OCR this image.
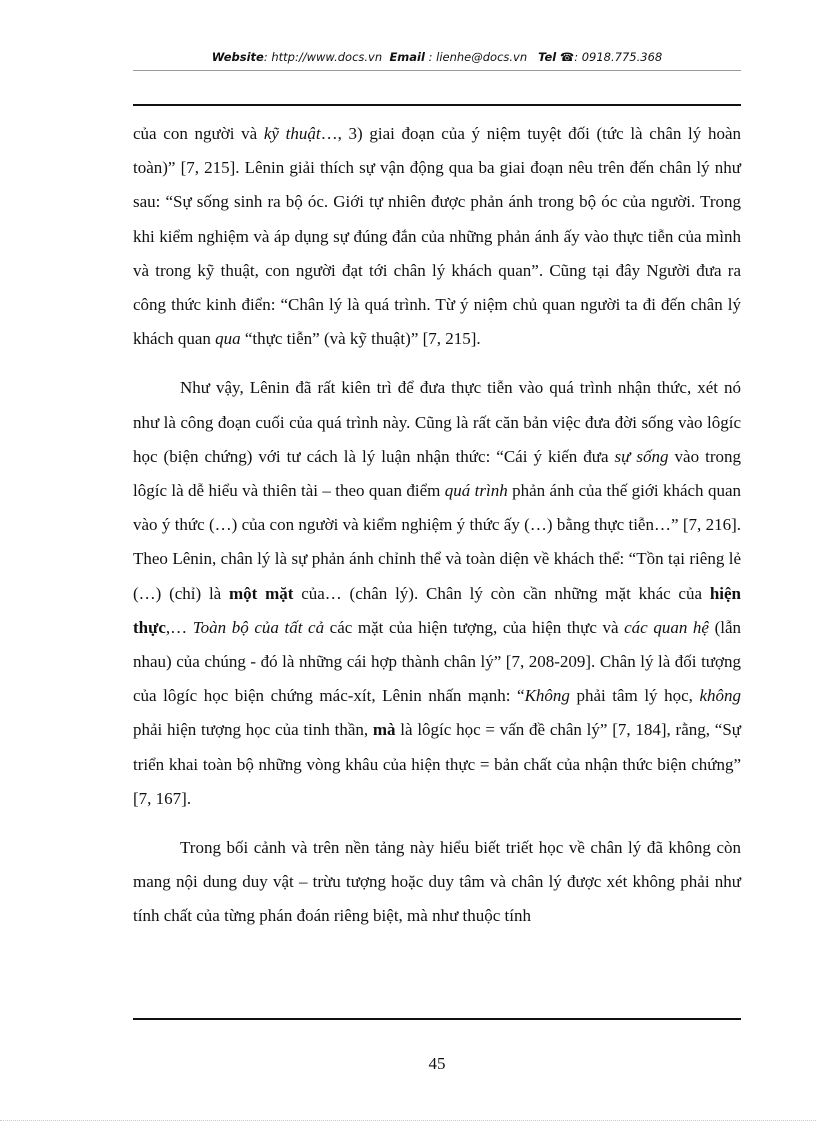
Website: http://www.docs.vn Email : lienhe@docs.vn Tel ☎: 0918.775.368

của con người và kỹ thuật…, 3) giai đoạn của ý niệm tuyệt đối (tức là chân lý hoàn toàn)” [7, 215]. Lênin giải thích sự vận động qua ba giai đoạn nêu trên đến chân lý như sau: “Sự sống sinh ra bộ óc. Giới tự nhiên được phản ánh trong bộ óc của người. Trong khi kiểm nghiệm và áp dụng sự đúng đắn của những phản ánh ấy vào thực tiễn của mình và trong kỹ thuật, con người đạt tới chân lý khách quan”. Cũng tại đây Người đưa ra công thức kinh điển: “Chân lý là quá trình. Từ ý niệm chủ quan người ta đi đến chân lý khách quan qua “thực tiễn” (và kỹ thuật)” [7, 215].

Như vậy, Lênin đã rất kiên trì để đưa thực tiễn vào quá trình nhận thức, xét nó như là công đoạn cuối của quá trình này. Cũng là rất căn bản việc đưa đời sống vào lôgíc học (biện chứng) với tư cách là lý luận nhận thức: “Cái ý kiến đưa sự sống vào trong lôgíc là dễ hiểu và thiên tài – theo quan điểm quá trình phản ánh của thế giới khách quan vào ý thức (…) của con người và kiểm nghiệm ý thức ấy (…) bằng thực tiễn…” [7, 216]. Theo Lênin, chân lý là sự phản ánh chỉnh thể và toàn diện về khách thể: “Tồn tại riêng lẻ (…) (chỉ) là một mặt của… (chân lý). Chân lý còn cần những mặt khác của hiện thực,… Toàn bộ của tất cả các mặt của hiện tượng, của hiện thực và các quan hệ (lẫn nhau) của chúng - đó là những cái hợp thành chân lý” [7, 208-209]. Chân lý là đối tượng của lôgíc học biện chứng mác-xít, Lênin nhấn mạnh: “Không phải tâm lý học, không phải hiện tượng học của tinh thần, mà là lôgíc học = vấn đề chân lý” [7, 184], rằng, “Sự triển khai toàn bộ những vòng khâu của hiện thực = bản chất của nhận thức biện chứng” [7, 167].

Trong bối cảnh và trên nền tảng này hiểu biết triết học về chân lý đã không còn mang nội dung duy vật – trừu tượng hoặc duy tâm và chân lý được xét không phải như tính chất của từng phán đoán riêng biệt, mà như thuộc tính

45
